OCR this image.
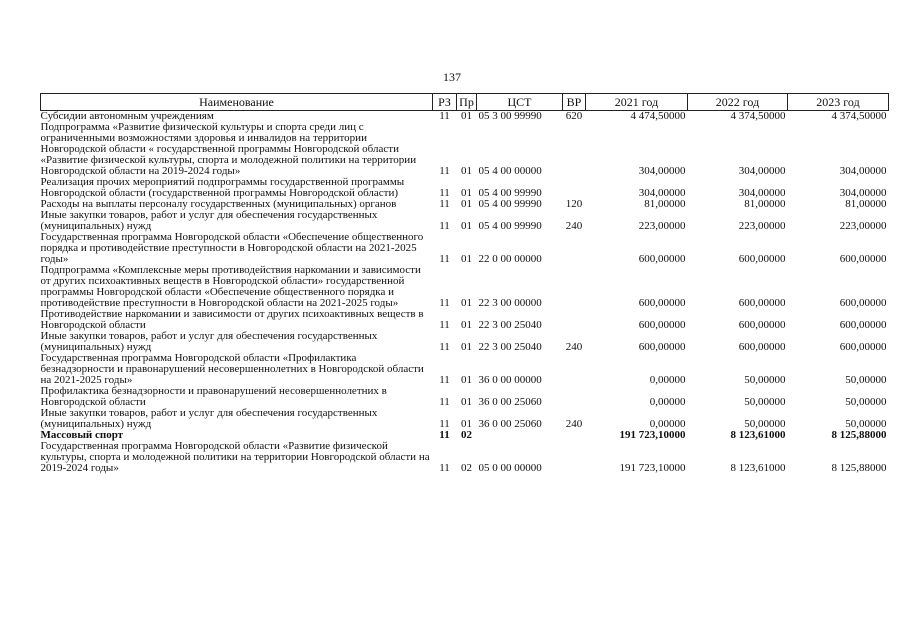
137
Наименование	РЗ	Пр	ЦСТ	ВР	2021 год	2022 год	2023 год
Субсидии автономным учреждениям	11	01	05 3 00 99990	620	4 474,50000	4 374,50000	4 374,50000
Подпрограмма «Развитие физической культуры и спорта среди лиц с ограниченными возможностями здоровья и инвалидов на территории Новгородской области « государственной программы Новгородской области «Развитие физической культуры, спорта и молодежной политики на территории Новгородской области на 2019-2024 годы»	11	01	05 4 00 00000		304,00000	304,00000	304,00000
Реализация прочих мероприятий подпрограммы государственной программы Новгородской области (государственной программы Новгородской области)	11	01	05 4 00 99990		304,00000	304,00000	304,00000
Расходы на выплаты персоналу государственных (муниципальных) органов	11	01	05 4 00 99990	120	81,00000	81,00000	81,00000
Иные закупки товаров, работ и услуг для обеспечения государственных (муниципальных) нужд	11	01	05 4 00 99990	240	223,00000	223,00000	223,00000
Государственная программа Новгородской области «Обеспечение общественного порядка и противодействие преступности в Новгородской области на 2021-2025 годы»	11	01	22 0 00 00000		600,00000	600,00000	600,00000
Подпрограмма «Комплексные меры противодействия наркомании и зависимости от других психоактивных веществ в Новгородской области» государственной программы Новгородской области «Обеспечение общественного порядка и противодействие преступности в Новгородской области на 2021-2025 годы»	11	01	22 3 00 00000		600,00000	600,00000	600,00000
Противодействие наркомании и зависимости от других психоактивных веществ в Новгородской области	11	01	22 3 00 25040		600,00000	600,00000	600,00000
Иные закупки товаров, работ и услуг для обеспечения государственных (муниципальных) нужд	11	01	22 3 00 25040	240	600,00000	600,00000	600,00000
Государственная программа Новгородской области «Профилактика безнадзорности и правонарушений несовершеннолетних в Новгородской области на 2021-2025 годы»	11	01	36 0 00 00000		0,00000	50,00000	50,00000
Профилактика безнадзорности и правонарушений несовершеннолетних в Новгородской области	11	01	36 0 00 25060		0,00000	50,00000	50,00000
Иные закупки товаров, работ и услуг для обеспечения государственных (муниципальных) нужд	11	01	36 0 00 25060	240	0,00000	50,00000	50,00000
Массовый спорт	11	02			191 723,10000	8 123,61000	8 125,88000
Государственная программа Новгородской области «Развитие физической культуры, спорта и молодежной политики на территории Новгородской области на 2019-2024 годы»	11	02	05 0 00 00000		191 723,10000	8 123,61000	8 125,88000
